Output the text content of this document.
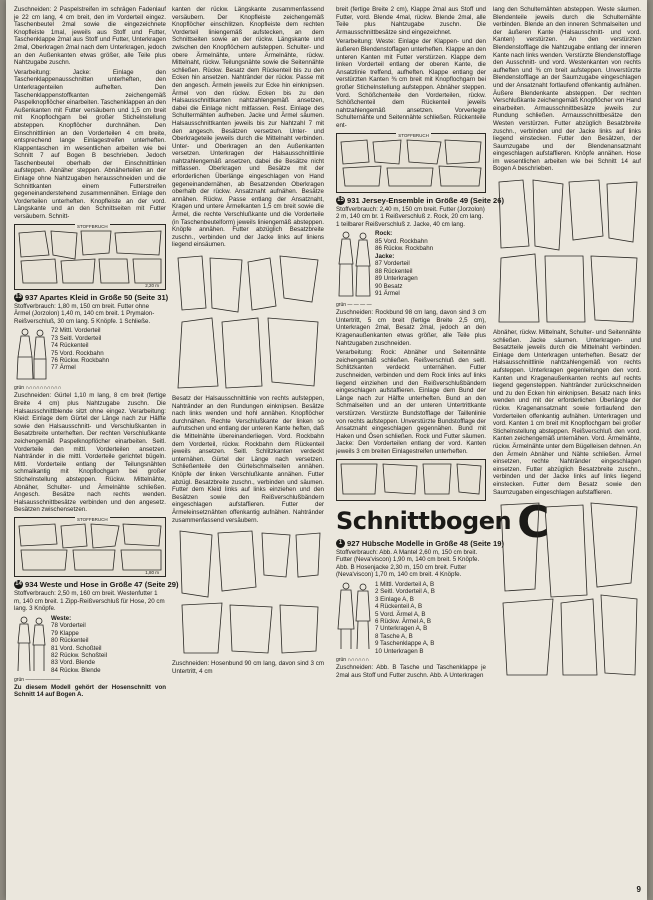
Zuschneiden: 2 Paspelstreifen im schrägen Fadenlauf je 22 cm lang, 4 cm breit, den im Vorderteil eingez. Taschenbeutel 2mal sowie die eingezeichnete Knopfleiste 1mal, jeweils aus Stoff und Futter, Taschenklappe 2mal aus Stoff und Futter, Unterkragen 2mal, Oberkragen 2mal nach dem Unterkragen, jedoch an den Außenkanten etwas größer, alle Teile plus Nahtzugabe zuschn.

Verarbeitung: Jacke: Einlage den Taschenklappenausschnitten unterheften, den Unterkragenteilen aufheften. Den Taschenklappenstoffkanten zeichengemäß Paspelknopflöcher einarbeiten. Taschenklappen an den Außenkanten mit Futter versäubern und 1,5 cm breit mit Knopflochgarn bei großer Stichelnstellung absteppen. Knopflöcher durchnähen. Den Einschnittlinien an den Vorderteilen 4 cm breite, entsprechend lange Einlagestreifen unterheften. Klappentaschen im wesentlichen arbeiten wie bei Schnitt 7 auf Bogen B beschrieben. Jedoch Taschenbeutel oberhalb der Einschnittlinien aufsteppen. Abnäher steppen. Abnäherteilen an der Einlage ohne Nahtzugaben herausschneiden und die Schnittkanten einem Futterstreifen gegeneinanderstehend zusammennähen. Einlage den Vorderteilen unterheften. Knopfleiste an der vord. Längskante und an den Schnittseiten mit Futter versäubern. Schnitt-

STOFFBRUCH
2,20 m
13 937 Apartes Kleid in Größe 50 (Seite 31)

Stoffverbrauch: 1,80 m, 150 cm breit. Futter ohne Ärmel (Jorzolon) 1,40 m, 140 cm breit. 1 Prymalon-Reißverschluß, 30 cm lang. 5 Knöpfe. 1 Schließe.

72 Mittl. Vorderteil
73 Seitl. Vorderteil
74 Rückenteil
75 Vord. Rockbahn
76 Rückw. Rockbahn
77 Ärmel
grün ∩∩∩∩∩∩∩∩∩∩

Zuschneiden: Gürtel 1,10 m lang, 8 cm breit (fertige Breite 4 cm) plus Nahtzugabe zuschn. Die Halsausschnittblende sitzt ohne eingez. Verarbeitung: Kleid: Einlage dem Gürtel der Länge nach zur Hälfte sowie den Halsausschnitt- und Verschlußkanten in Besatzbreite unterheften. Der rechten Verschlußkante zeichengemäß Paspelknopflöcher einarbeiten. Seitl. Vorderteile den mittl. Vorderteilen ansetzen. Nahtränder in die mittl. Vorderteile gerichtet bügeln. Mittl. Vorderteile entlang der Teilungsnähten schmalkantig mit Knopflochgarn bei großer Stichelnstellung absteppen. Rückw. Mittelnähte, Abnäher, Schulter- und Ärmelnähte schließen. Angesch. Besätze nach rechts wenden. Halsausschnittbesätze verbinden und den angesetz. Besätzen zwischensetzen.

STOFFBRUCH
1,80 m
14 934 Weste und Hose in Größe 47 (Seite 29)

Stoffverbrauch: 2,50 m, 160 cm breit. Westenfutter 1 m, 140 cm breit. 1 Zipp-Reißverschluß für Hose, 20 cm lang. 3 Knöpfe.

Weste:
78 Vorderteil
79 Klappe
80 Rückenteil
81 Vord. Schoßteil
82 Rückw. Schoßteil
83 Vord. Blende
84 Rückw. Blende
grün ———————

Zu diesem Modell gehört der Hosenschnitt von Schnitt 14 auf Bogen A.

kanten der rückw. Längskante zusammenfassend versäubern. Der Knopfleiste zeichengemäß Knopflöcher einschlitzen. Knopfleiste dem rechten Vorderteil liniengemäß aufstecken, an dem Schnittseiten sowie an der rückw. Längskante und zwischen den Knopflöchern aufsteppen. Schulter- und obere Ärmelnähte, untere Ärmelnähte, rückw. Mittelnaht, rückw. Teilungsnähte sowie die Seitennähte schließen. Rückw. Besatz dem Rückenteil bis zu den Ecken hin ansetzen. Nahtränder der rückw. Passe mit den angesch. Ärmeln jeweils zur Ecke hin einknipsen. Ärmel von den rückw. Ecken bis zu den Halsausschnittkanten nahtzahlengemäß ansetzen, dabei die Einlage nicht mitfassen. Rest. Einlage des Schultermähten aufheben. Jacke und Ärmel säumen. Halsausschnittkanten jeweils bis zur Nahtzahl 7 mit den angesch. Besätzen versetzen. Unter- und Oberkrageteile jeweils durch die Mittelnaht verbinden. Unter- und Oberkragen an den Außenkanten versetzen. Unterkragen der Halsausschnittlinie nahtzahlengemäß ansetzen, dabei die Besätze nicht mitfassen. Oberkragen und Besätze mit der erforderlichen Überlänge eingeschlagen von Hand gegeneinandernähen, ab Besatzenden Oberkragen oberhalb der rückw. Ansatznaht aufnähen. Besätze annähen. Rückw. Passe entlang der Ansatznaht, Kragen und untere Ärmelkanten 1,5 cm breit sowie die Ärmel, die rechte Verschlußkante und die Vorderteile (in Taschenbeutelform) jeweils liniengemäß absteppen. Knöpfe annähen. Futter abzüglich Besatzbreite zuschn., verbinden und der Jacke links auf liniens liegend einsäumen.

Besatz der Halsausschnittlinie von rechts aufsteppen, Nahtränder an den Rundungen einknipsen. Besätze nach links wenden und hohl annähen. Knopflöcher durchnähen. Rechte Verschlußkante der linken so aufrutschen und entlang der unteren Kante heften, daß die Mittelnähte übereinanderliegen. Vord. Rockbahn dem Vorderteil, rückw. Rockbahn dem Rückenteil jeweils ansetzen. Seitl. Schlitzkanten verdeckt unternähen. Gürtel der Länge nach versetzen. Schließenteile den Gürtelschmalseiten annähen. Knöpfe der linken Verschlußkante annähen. Futter abzügl. Besatzbreite zuschn., verbinden und säumen. Futter dem Kleid links auf links einziehen und den Besätzen sowie den Reißverschlußbändern eingeschlagen aufstaffieren. Futter der Ärmeleinsetznähten offenkantig aufnähen. Nahtränder zusammenfassend versäubern.

Zuschneiden: Hosenbund 90 cm lang, davon sind 3 cm Untertritt, 4 cm

breit (fertige Breite 2 cm), Klappe 2mal aus Stoff und Futter, vord. Blende 4mal, rückw. Blende 2mal, alle Teile plus Nahtzugabe zuschn. Die Armausschnittbesätze sind eingezeichnet.

Verarbeitung: Weste: Einlage der Klappen- und den äußeren Blendenstoffagen unterheften. Klappe an den unteren Kanten mit Futter verstürzen. Klappe dem linken Vorderteil entlang der oberen Kante, die Ansatzlinie treffend, aufheften. Klappe entlang der verstürzten Kanten ⅜ cm breit mit Knopflochgarn bei großer Stichelnstellung aufsteppen. Abnäher steppen. Vord. Schößchenteile den Vorderteilen, rückw. Schößchenteil dem Rückenteil jeweils nahtzahlengemäß ansetzen. Vorverlegte Schulternähte und Seitennähte schließen. Rückenteile ent-

STOFFBRUCH
15 931 Jersey-Ensemble in Größe 49 (Seite 26)

Stoffverbrauch: 2,40 m, 150 cm breit. Futter (Jorzolon) 2 m, 140 cm br. 1 Reißverschluß z. Rock, 20 cm lang. 1 teilbarer Reißverschluß z. Jacke, 40 cm lang.

Rock:
85 Vord. Rockbahn
86 Rückw. Rockbahn
Jacke:
87 Vorderteil
88 Rückenteil
89 Unterkragen
90 Besatz
91 Ärmel
grün — — — —

Zuschneiden: Rockbund 98 cm lang, davon sind 3 cm Untertritt, 5 cm breit (fertige Breite 2,5 cm), Unterkragen 2mal, Besatz 2mal, jedoch an den Kragenaußenkanten etwas größer, alle Teile plus Nahtzugaben zuschneiden.

Verarbeitung: Rock: Abnäher und Seitennähte zeichengemäß schließen. Reißverschluß den seitl. Schlitzkanten verdeckt unternähen. Futter zuschneiden, verbinden und dem Rock links auf links liegend einziehen und den Reißverschlußbändern eingeschlagen aufstaffieren. Einlage dem Bund der Länge nach zur Hälfte unterheften. Bund an den Schmalseiten und an der unteren Untertrittkante verstürzen. Verstürzte Bundstofflage der Taillenlinie von rechts aufsteppen. Unverstürzte Bundstofflage der Ansatznaht eingeschlagen gegennähen. Bund mit Haken und Ösen schließen. Rock und Futter säumen. Jacke: Den Vorderteilen entlang der vord. Kanten jeweils 3 cm breiten Einlagestreifen unterheften.

Schnittbogen C
1 927 Hübsche Modelle in Größe 48 (Seite 19)

Stoffverbrauch: Abb. A Mantel 2,60 m, 150 cm breit. Futter (Neva'viscon) 1,90 m, 140 cm breit. 5 Knöpfe. Abb. B Hosenjacke 2,30 m, 150 cm breit. Futter (Neva'viscon) 1,70 m, 140 cm breit. 4 Knöpfe.

1 Mittl. Vorderteil A, B
2 Seitl. Vorderteil A, B
3 Einlage A, B
4 Rückenteil A, B
5 Vord. Ärmel A, B
6 Rückw. Ärmel A, B
7 Unterkragen A, B
8 Tasche A, B
9 Taschenklappe A, B
10 Unterkragen B
grün ∩∩∩∩∩∩

Zuschneiden: Abb. B Tasche und Taschenklappe je 2mal aus Stoff und Futter zuschn. Abb. A Unterkragen

lang den Schulternähten absteppen. Weste säumen. Blendenteile jeweils durch die Schulternähte verbinden. Blende an den inneren Schmalseiten und der äußeren Kante (Halsausschnitt- und vord. Kanten) verstürzen. An den verstürzten Blendenstofflage die Nahtzugabe entlang der inneren Kante nach links wenden. Verstürzte Blendenstofflage den Ausschnitt- und vord. Westenkanten von rechts aufheften und ⅜ cm breit aufsteppen. Unverstürzte Blendenstofflage an der Saumzugabe eingeschlagen und der Ansatznaht fortlaufend offenkantig aufnähen. Äußere Blendenkante absteppen. Der rechten Verschlußkante zeichengemäß Knopflöcher von Hand einarbeiten. Armausschnittbesätze jeweils zur Rundung schließen. Armausschnittbesätze den Westen verstürzen. Futter abzüglich Besatzbreite zuschn., verbinden und der Jacke links auf links liegend einstecken. Futter den Besätzen, der Saumzugabe und der Blendenansatznaht eingeschlagen aufstaffieren. Knöpfe annähen. Hose im wesentlichen arbeiten wie bei Schnitt 14 auf Bogen A beschrieben.

Abnäher, rückw. Mittelnaht, Schulter- und Seitennähte schließen. Jacke säumen. Unterkragen- und Besatzteile jeweils durch die Mittelnaht verbinden. Einlage dem Unterkragen unterheften. Besatz der Halsausschnittlinie nahtzahlengemäß von rechts aufsteppen. Unterkragen gegenleitungen den vord. Kanten und Kragenaußenkanten rechts auf rechts liegend gegensteppen. Nahtränder zurückschneiden und zu den Ecken hin einknipsen. Besatz nach links wenden und mit der erforderlichen Überlänge der rückw. Kragenansatznaht sowie fortlaufend den Vorderteilen offenkantig aufnähen. Unterkragen und vord. Kanten 1 cm breit mit Knopflochgarn bei großer Stichelnstellung absteppen. Reißverschluß den vord. Kanten zeichengemäß unternähen. Vord. Ärmelnähte, rückw. Ärmelnähte unter dem Bügelleisen dehnen. An den Ärmeln Abnäher und Nähte schließen. Ärmel einsetzen, rechte Nahtränder eingeschlagen einsetzen. Futter abzüglich Besatzbreite zuschn., verbinden und der Jacke links auf links liegend einstecken. Futter dem Besatz sowie den Saumzugaben eingeschlagen aufstaffieren.

9
